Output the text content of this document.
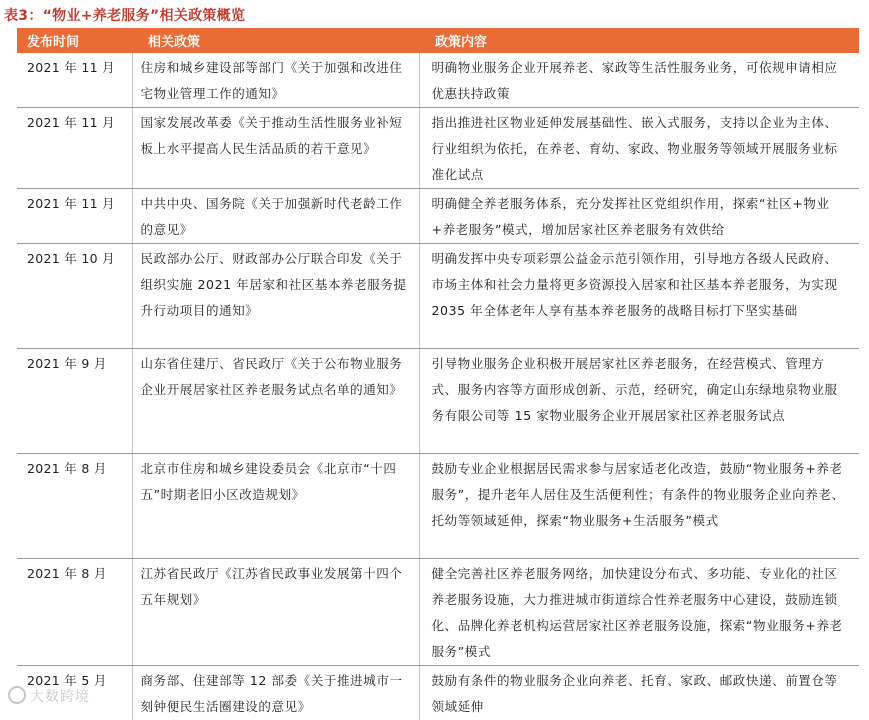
表3：“物业+养老服务”相关政策概览
发布时间	相关政策	政策内容
2021 年 11 月	住房和城乡建设部等部门《关于加强和改进住宅物业管理工作的通知》	明确物业服务企业开展养老、家政等生活性服务业务，可依规申请相应优惠扶持政策
2021 年 11 月	国家发展改革委《关于推动生活性服务业补短板上水平提高人民生活品质的若干意见》	指出推进社区物业延伸发展基础性、嵌入式服务，支持以企业为主体、行业组织为依托，在养老、育幼、家政、物业服务等领域开展服务业标准化试点
2021 年 11 月	中共中央、国务院《关于加强新时代老龄工作的意见》	明确健全养老服务体系，充分发挥社区党组织作用，探索“社区+物业+养老服务”模式，增加居家社区养老服务有效供给
2021 年 10 月	民政部办公厅、财政部办公厅联合印发《关于组织实施 2021 年居家和社区基本养老服务提升行动项目的通知》	明确发挥中央专项彩票公益金示范引领作用，引导地方各级人民政府、市场主体和社会力量将更多资源投入居家和社区基本养老服务，为实现 2035 年全体老年人享有基本养老服务的战略目标打下坚实基础
2021 年 9 月	山东省住建厅、省民政厅《关于公布物业服务企业开展居家社区养老服务试点名单的通知》	引导物业服务企业积极开展居家社区养老服务，在经营模式、管理方式、服务内容等方面形成创新、示范，经研究，确定山东绿地泉物业服务有限公司等 15 家物业服务企业开展居家社区养老服务试点
2021 年 8 月	北京市住房和城乡建设委员会《北京市“十四五”时期老旧小区改造规划》	鼓励专业企业根据居民需求参与居家适老化改造，鼓励“物业服务+养老服务”，提升老年人居住及生活便利性；有条件的物业服务企业向养老、托幼等领域延伸，探索“物业服务+生活服务”模式
2021 年 8 月	江苏省民政厅《江苏省民政事业发展第十四个五年规划》	健全完善社区养老服务网络，加快建设分布式、多功能、专业化的社区养老服务设施，大力推进城市街道综合性养老服务中心建设，鼓励连锁化、品牌化养老机构运营居家社区养老服务设施，探索“物业服务+养老服务”模式
2021 年 5 月	商务部、住建部等 12 部委《关于推进城市一刻钟便民生活圈建设的意见》	鼓励有条件的物业服务企业向养老、托育、家政、邮政快递、前置仓等领域延伸
大数跨境
